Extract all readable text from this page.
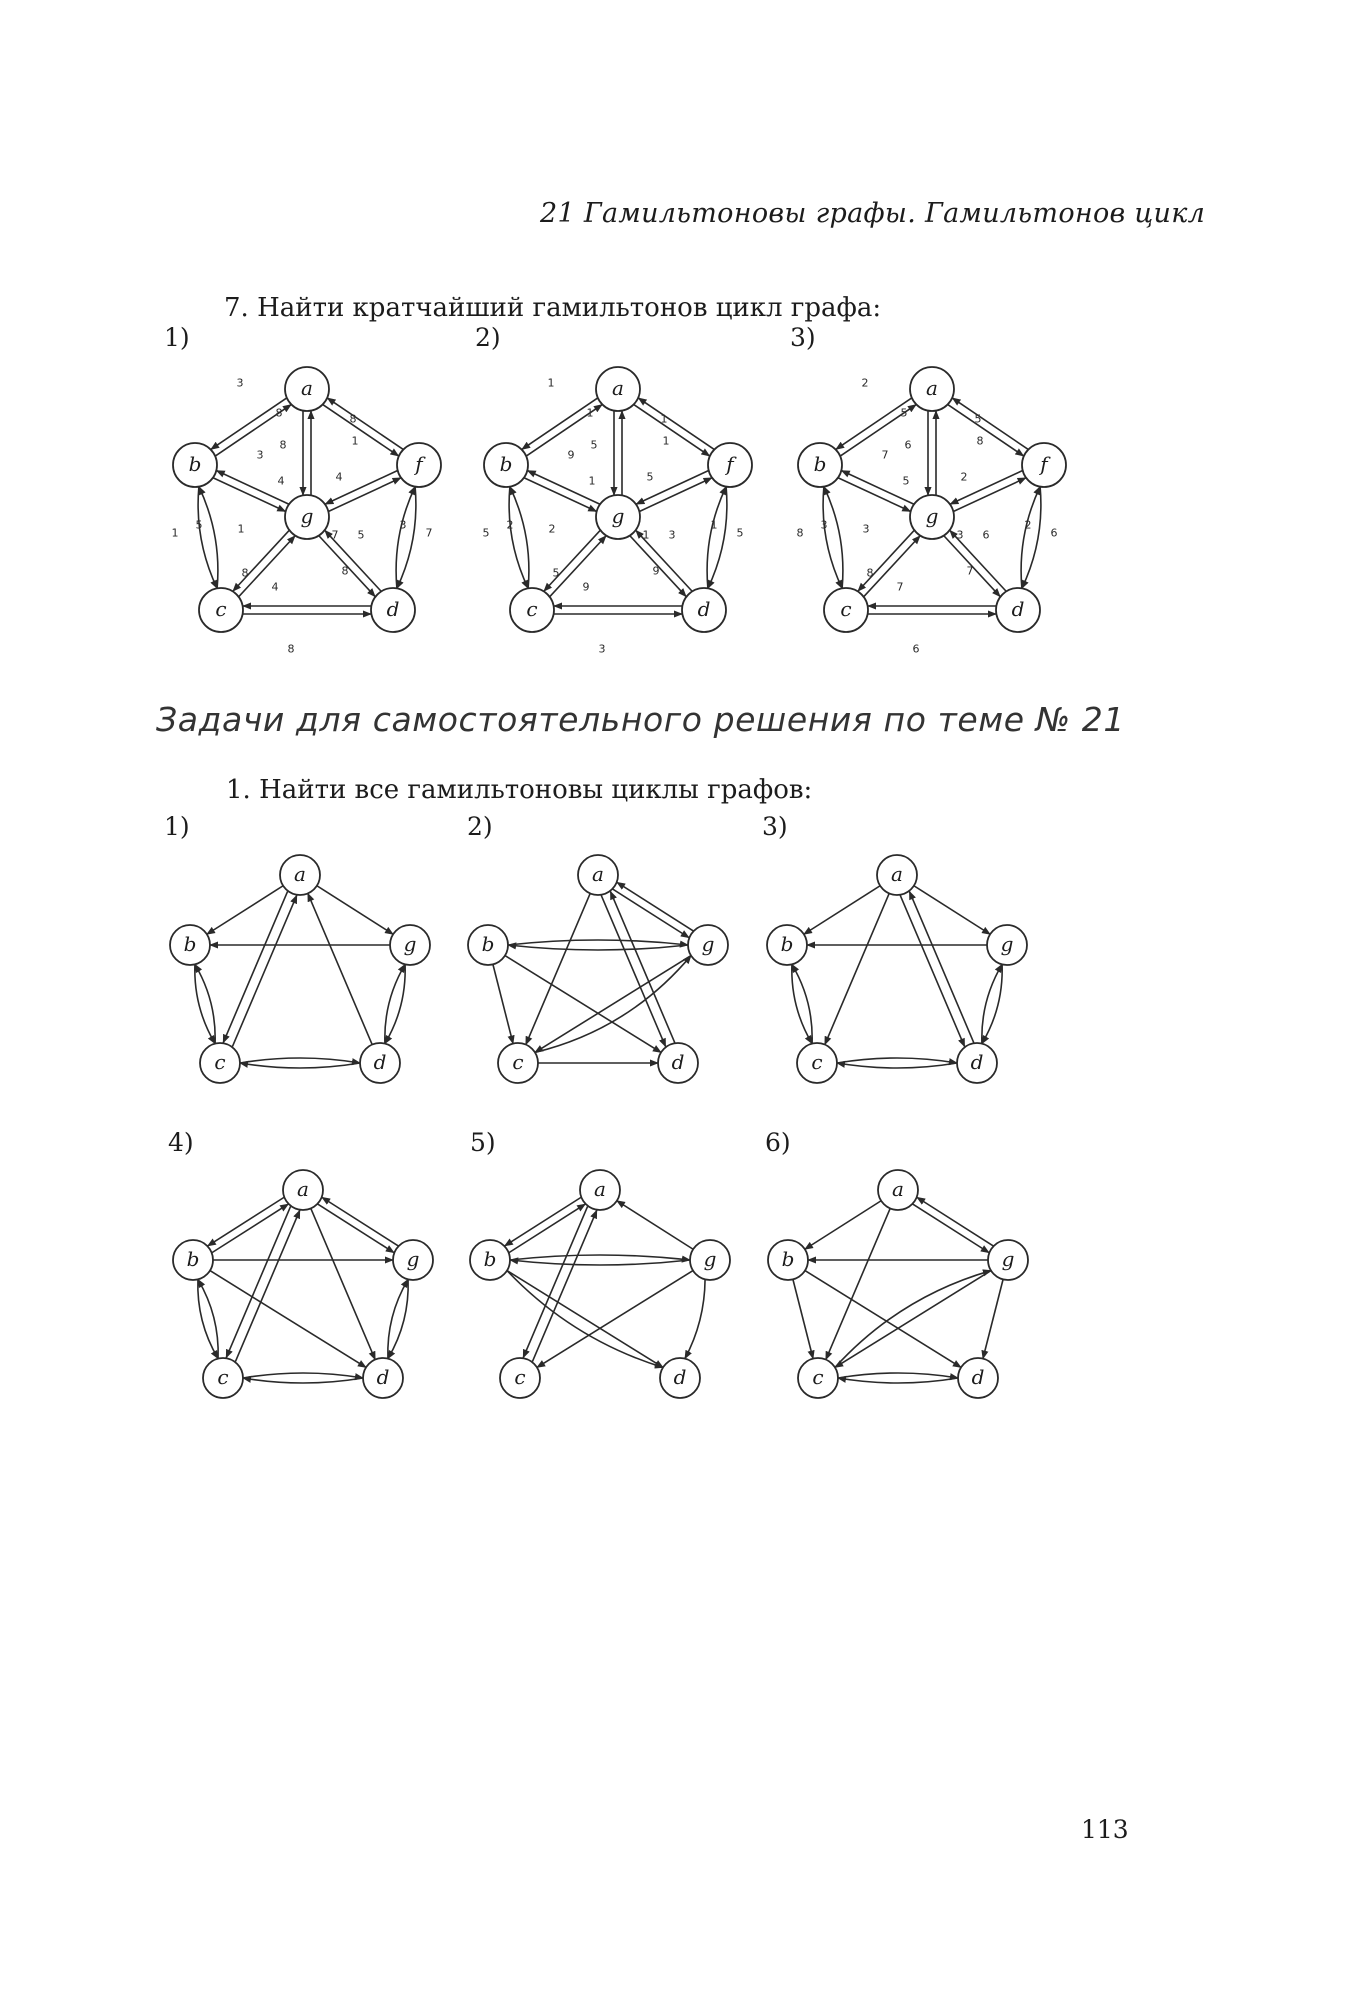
21 Гамильтоновы графы. Гамильтонов цикл
7. Найти кратчайший гамильтонов цикл графа:
1)	2)	3)
3
8	8
3
8	1
4	4
7
1
5	1	5
3
7
8
4
8
8
a
b	f
g
c	d
1
1	1
9
5	1
1	5
1
5
2	2	3
1
5
5
9
9
3
a
b	f
g
c	d
2
5	5
7
6	8
5	2
3
8
3	3	6
2
6
8
7
7
6
a
b	f
g
c	d
Задачи для самостоятельного решения по теме № 21
1. Найти все гамильтоновы циклы графов:
1)	2)	3)
4)	5)	6)
a
b	g
c	d
a
b	g
c	d
a
b	g
c	d
a
b	g
c	d
a
b	g
c	d
a
b	g
c	d
113
